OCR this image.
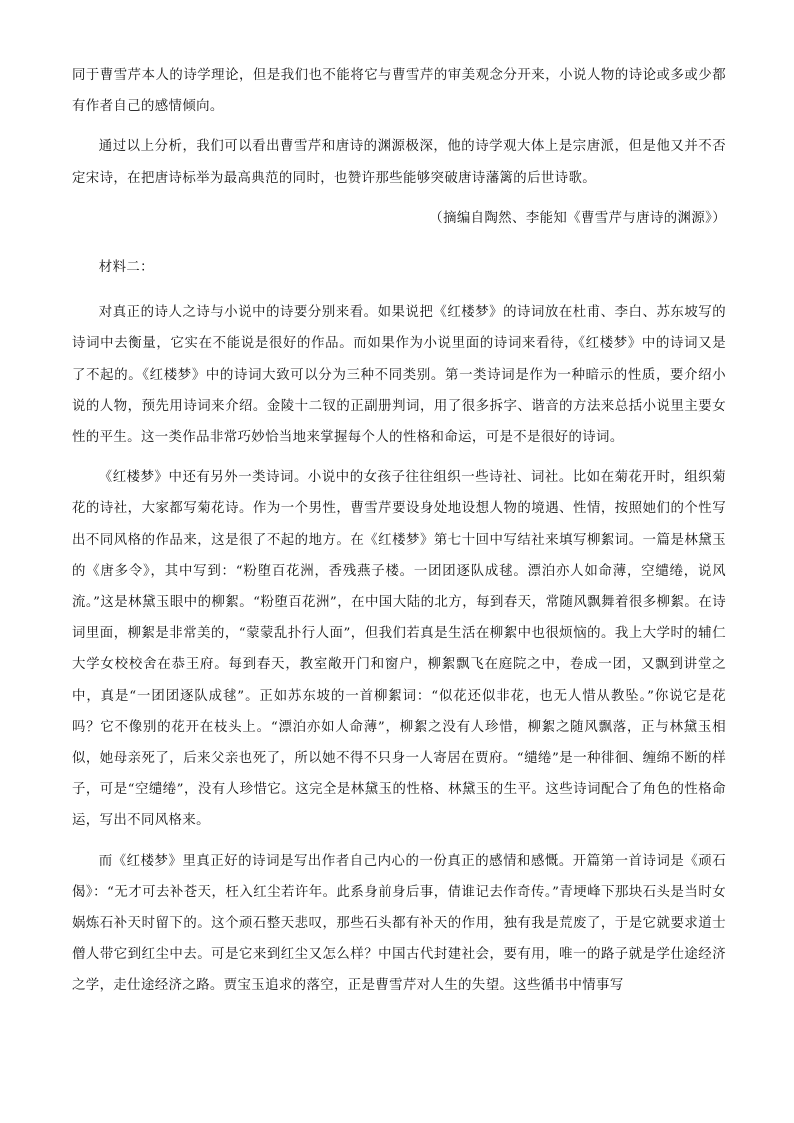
同于曹雪芹本人的诗学理论，但是我们也不能将它与曹雪芹的审美观念分开来，小说人物的诗论或多或少都有作者自己的感情倾向。

通过以上分析，我们可以看出曹雪芹和唐诗的渊源极深，他的诗学观大体上是宗唐派，但是他又并不否定宋诗，在把唐诗标举为最高典范的同时，也赞许那些能够突破唐诗藩篱的后世诗歌。

（摘编自陶然、李能知《曹雪芹与唐诗的渊源》）

材料二：

对真正的诗人之诗与小说中的诗要分别来看。如果说把《红楼梦》的诗词放在杜甫、李白、苏东坡写的诗词中去衡量，它实在不能说是很好的作品。而如果作为小说里面的诗词来看待，《红楼梦》中的诗词又是了不起的。《红楼梦》中的诗词大致可以分为三种不同类别。第一类诗词是作为一种暗示的性质，要介绍小说的人物，预先用诗词来介绍。金陵十二钗的正副册判词，用了很多拆字、谐音的方法来总括小说里主要女性的平生。这一类作品非常巧妙恰当地来掌握每个人的性格和命运，可是不是很好的诗词。

《红楼梦》中还有另外一类诗词。小说中的女孩子往往组织一些诗社、词社。比如在菊花开时，组织菊花的诗社，大家都写菊花诗。作为一个男性，曹雪芹要设身处地设想人物的境遇、性情，按照她们的个性写出不同风格的作品来，这是很了不起的地方。在《红楼梦》第七十回中写结社来填写柳絮词。一篇是林黛玉的《唐多令》，其中写到：“粉堕百花洲，香残燕子楼。一团团逐队成毬。漂泊亦人如命薄，空缱绻，说风流。”这是林黛玉眼中的柳絮。“粉堕百花洲”，在中国大陆的北方，每到春天，常随风飘舞着很多柳絮。在诗词里面，柳絮是非常美的，“蒙蒙乱扑行人面”，但我们若真是生活在柳絮中也很烦恼的。我上大学时的辅仁大学女校校舍在恭王府。每到春天，教室敞开门和窗户，柳絮飘飞在庭院之中，卷成一团，又飘到讲堂之中，真是“一团团逐队成毬”。正如苏东坡的一首柳絮词：“似花还似非花，也无人惜从教坠。”你说它是花吗？它不像别的花开在枝头上。“漂泊亦如人命薄”，柳絮之没有人珍惜，柳絮之随风飘落，正与林黛玉相似，她母亲死了，后来父亲也死了，所以她不得不只身一人寄居在贾府。“缱绻”是一种徘徊、缠绵不断的样子，可是“空缱绻”，没有人珍惜它。这完全是林黛玉的性格、林黛玉的生平。这些诗词配合了角色的性格命运，写出不同风格来。

而《红楼梦》里真正好的诗词是写出作者自己内心的一份真正的感情和感慨。开篇第一首诗词是《顽石偈》：“无才可去补苍天，枉入红尘若许年。此系身前身后事，倩谁记去作奇传。”青埂峰下那块石头是当时女娲炼石补天时留下的。这个顽石整天悲叹，那些石头都有补天的作用，独有我是荒废了，于是它就要求道士僧人带它到红尘中去。可是它来到红尘又怎么样？中国古代封建社会，要有用，唯一的路子就是学仕途经济之学，走仕途经济之路。贾宝玉追求的落空，正是曹雪芹对人生的失望。这些循书中情事写
